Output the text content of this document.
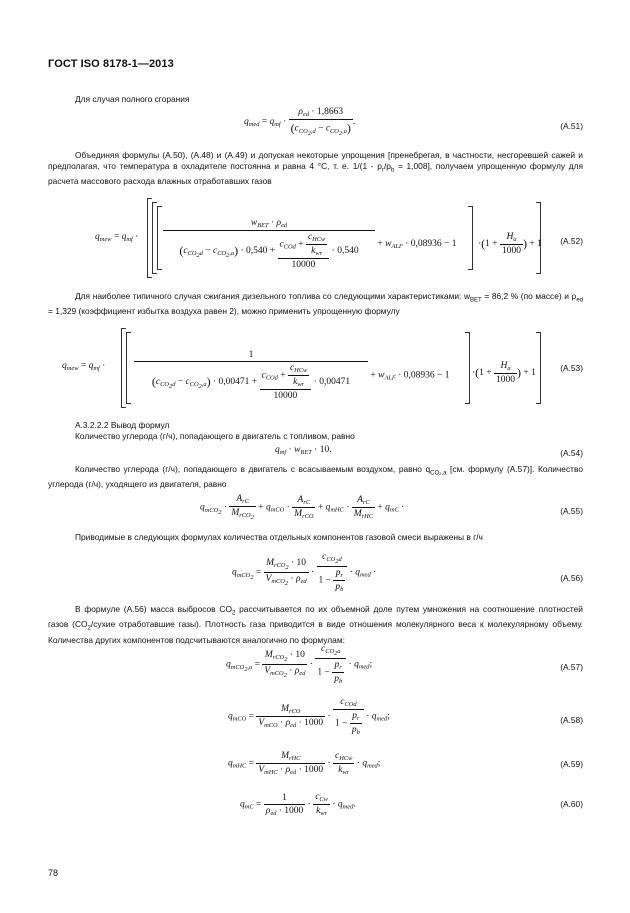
ГОСТ ISO 8178-1—2013
Для случая полного сгорания
$q_{med} = q_{mf} \cdot \frac{\rho_{ed} \cdot 1,8663}{(c_{CO_2,d} - c_{CO_2,a})}$ .	(А.51)
Объединяя формулы (А.50), (А.48) и (А.49) и допуская некоторые упрощения [пренебрегая, в частности, несгоревшей сажей и предполагая, что температура в охладителе постоянна и равна 4 °С, т. е. $1/(1 - p_r/p_b = 1,008]$, получаем упрощенную формулу для расчета массового расхода влажных отработавших газов
$q_{mew} = q_{mf}$ ·	$\frac{w_{BET} \cdot \rho_{ed}}{(c_{CO_2d} - c_{CO_2,a}) \cdot 0,540 + \frac{c_{COd} + \frac{c_{HCw}}{k_{wr}}}{10000} \cdot 0,540} + w_{ALF} \cdot 0,08936 - 1 \cdot(1 + \frac{H_a}{1000}$ ) + 1 (А.52)
Для наиболее типичного случая сжигания дизельного топлива со следующими характеристиками: $w_{BET} = 86,2$ % (по массе) и $\rho_{ed} = 1,329$ (коэффициент избытка воздуха равен 2), можно применить упрощенную формулу
$q_{mew} = q_{mf}$ ·	$\frac{1}{(c_{CO_2d} - c_{CO_2,a}) \cdot 0,00471 + \frac{c_{COd} + \frac{c_{HCw}}{k_{wr}}}{10000} \cdot 0,00471} + w_{ALF} \cdot 0,08936 - 1 \cdot(1 + \frac{H_a}{1000}$ ) + 1
(А.53)
А.3.2.2.2 Вывод формул
Количество углерода (г/ч), попадающего в двигатель с топливом, равно
$q_{mf} \cdot w_{BET} \cdot 10$.	(А.54)
Количество углерода (г/ч), попадающего в двигатель с всасываемым воздухом, равно $q_{CO_2,a}$ [см. формулу (А.57)]. Количество углерода (г/ч), уходящего из двигателя, равно
$q_{mCO_2} \cdot \frac{A_{rC}}{M_{rCO_2}} + q_{mCO} \cdot \frac{A_{rC}}{M_{rCO}} + q_{mHC} \cdot \frac{A_{rC}}{M_{rHC}} + q_{mC}$ ·	(А.55)
Приводимые в следующих формулах количества отдельных компонентов газовой смеси выражены в г/ч
$q_{mCO_2} = \frac{M_{rCO_2} \cdot 10}{V_{mCO_2} \cdot \rho_{ed}} \cdot \frac{c_{CO_2d}}{1 - \frac{p_r}{p_b}} \cdot q_{med}$ ·
(А.56)
В формуле (А.56) масса выбросов $CO_2$ рассчитывается по их объемной доле путем умножения на соотношение плотностей газов ($CO_2$/сухие отработавшие газы). Плотность газа приводится в виде отношения молекулярного веса к молекулярному объему. Количества других компонентов подсчитываются аналогично по формулам:
$q_{mCO_2,a} = \frac{M_{rCO_2} \cdot 10}{V_{mCO_2} \cdot \rho_{ed}} \cdot \frac{c_{CO_2a}}{1 - \frac{p_r}{p_b}} \cdot q_{med}$;	(А.57)
$q_{mCO} = \frac{M_{rCO}}{V_{mCO} \cdot \rho_{ed} \cdot 1000} \cdot \frac{c_{COd}}{1 - \frac{p_r}{p_b}} \cdot q_{med}$;	(А.58)
$q_{mHC} = \frac{M_{rHC}}{V_{mHC} \cdot \rho_{ed} \cdot 1000} \cdot \frac{c_{HCw}}{k_{wr}} \cdot q_{med}$;	(А.59)
$q_{mC} = \frac{1}{\rho_{ed} \cdot 1000} \cdot \frac{c_{Cw}}{k_{wr}} \cdot q_{med}$.	(А.60)
78
